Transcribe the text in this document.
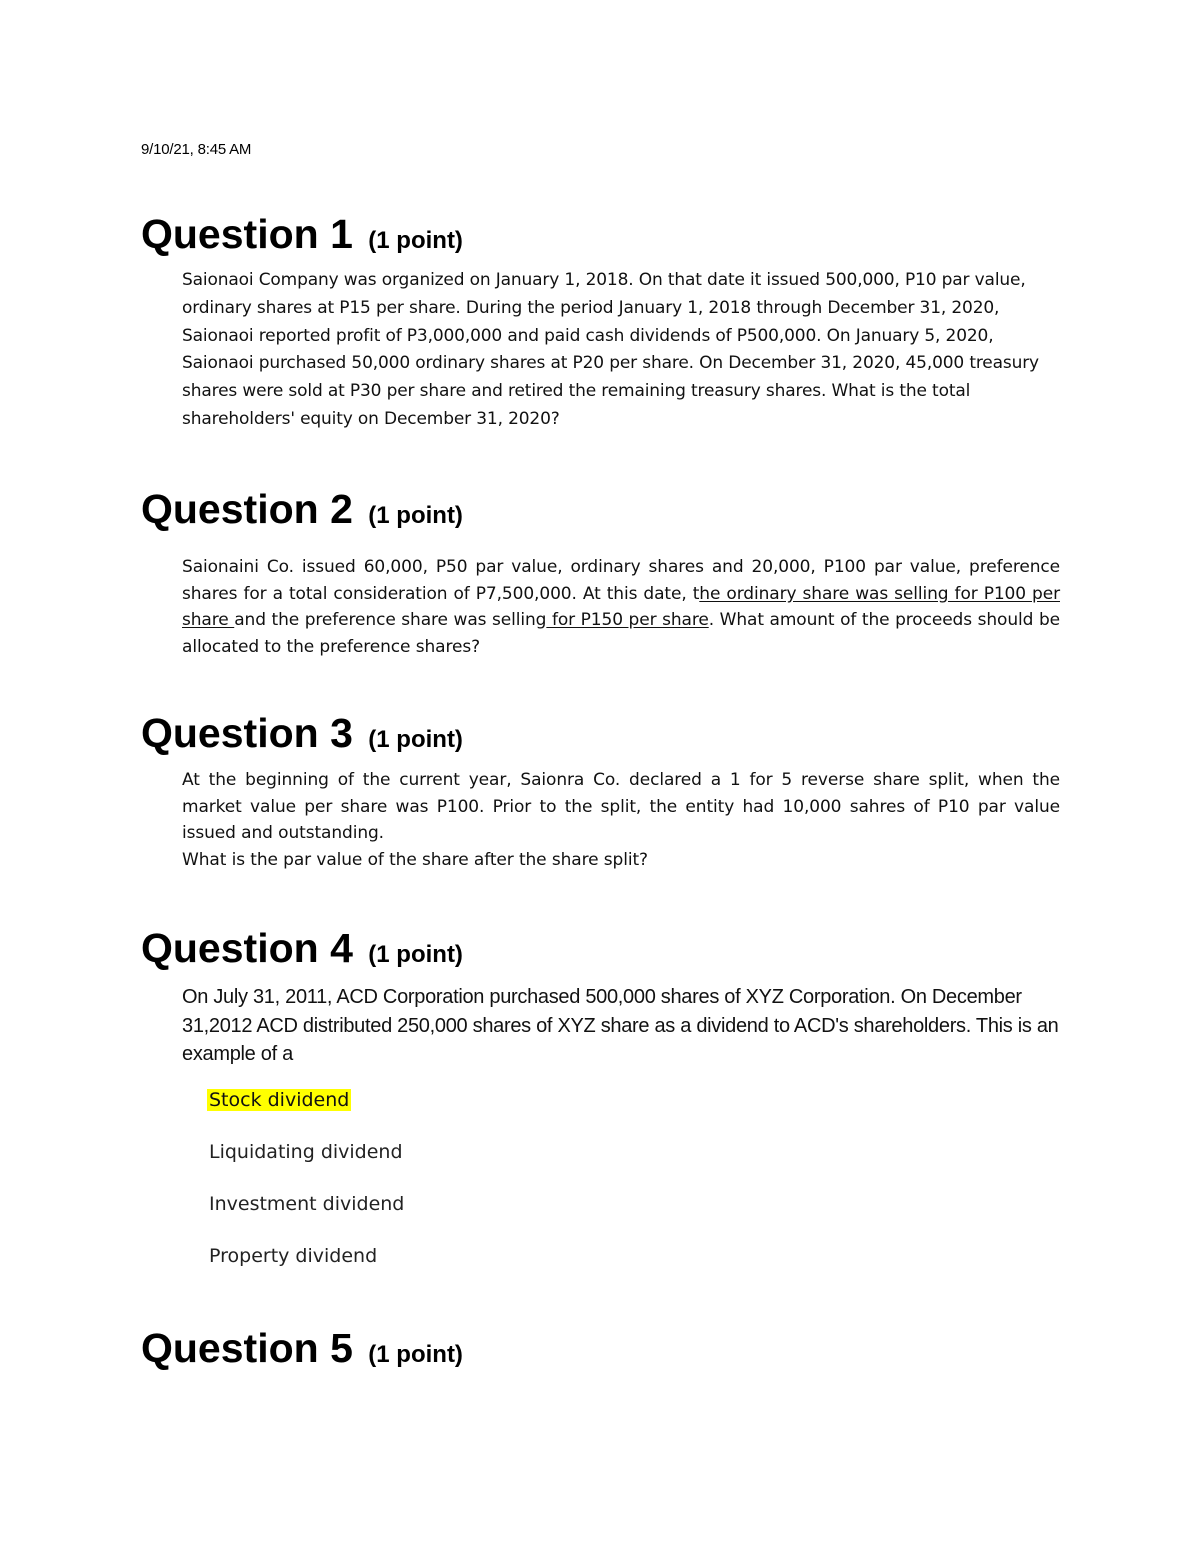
9/10/21, 8:45 AM
Question 1 (1 point)

Saionaoi Company was organized on January 1, 2018. On that date it issued 500,000, P10 par value, ordinary shares at P15 per share. During the period January 1, 2018 through December 31, 2020, Saionaoi reported profit of P3,000,000 and paid cash dividends of P500,000. On January 5, 2020, Saionaoi purchased 50,000 ordinary shares at P20 per share. On December 31, 2020, 45,000 treasury shares were sold at P30 per share and retired the remaining treasury shares. What is the total shareholders' equity on December 31, 2020?

Question 2 (1 point)

Saionaini Co. issued 60,000, P50 par value, ordinary shares and 20,000, P100 par value, preference shares for a total consideration of P7,500,000. At this date, the ordinary share was selling for P100 per share and the preference share was selling for P150 per share. What amount of the proceeds should be allocated to the preference shares?

Question 3 (1 point)
At the beginning of the current year, Saionra Co. declared a 1 for 5 reverse share split, when the market value per share was P100. Prior to the split, the entity had 10,000 sahres of P10 par value issued and outstanding.
What is the par value of the share after the share split?
Question 4 (1 point)

On July 31, 2011, ACD Corporation purchased 500,000 shares of XYZ Corporation. On December 31,2012 ACD distributed 250,000 shares of XYZ share as a dividend to ACD's shareholders. This is an example of a

Stock dividend
Liquidating dividend
Investment dividend
Property dividend
Question 5 (1 point)
